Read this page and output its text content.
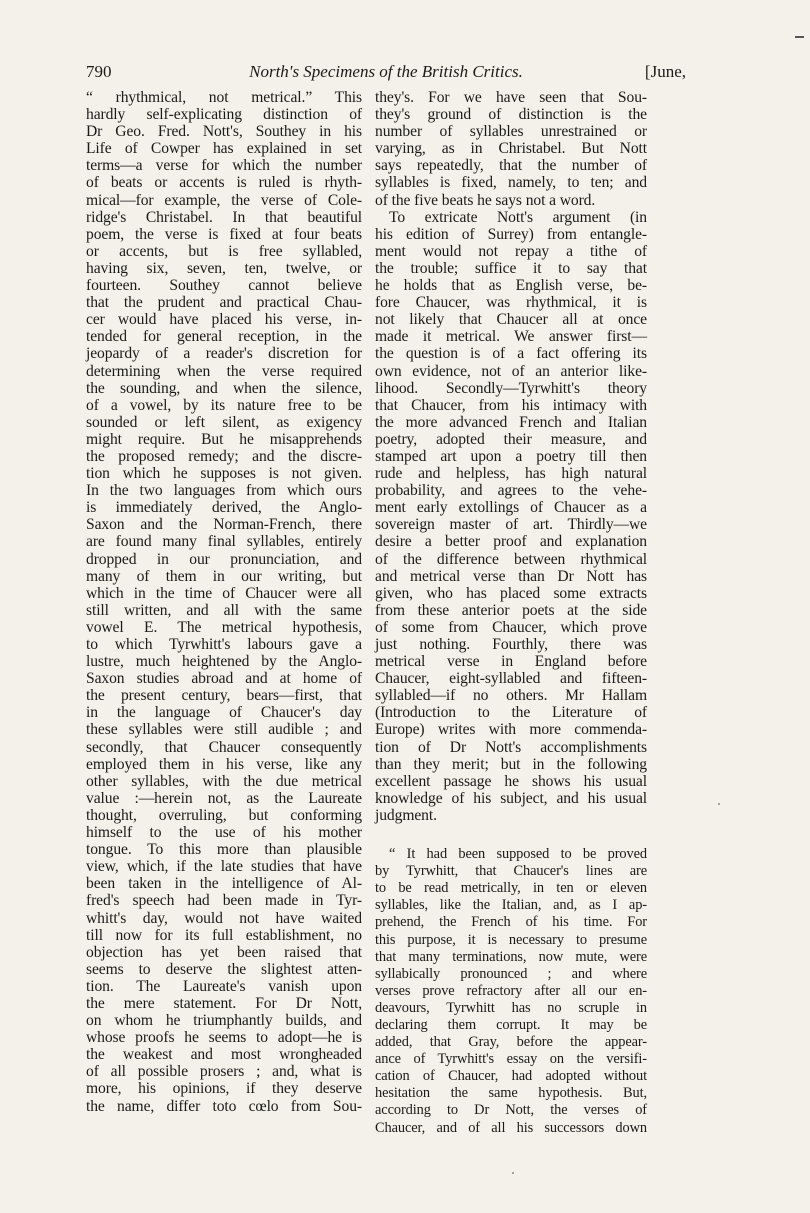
790	North's Specimens of the British Critics.	[June,
“ rhythmical, not metrical.” This
hardly self-explicating distinction of
Dr Geo. Fred. Nott's, Southey in his
Life of Cowper has explained in set
terms—a verse for which the number
of beats or accents is ruled is rhyth-
mical—for example, the verse of Cole-
ridge's Christabel. In that beautiful
poem, the verse is fixed at four beats
or accents, but is free syllabled,
having six, seven, ten, twelve, or
fourteen. Southey cannot believe
that the prudent and practical Chau-
cer would have placed his verse, in-
tended for general reception, in the
jeopardy of a reader's discretion for
determining when the verse required
the sounding, and when the silence,
of a vowel, by its nature free to be
sounded or left silent, as exigency
might require. But he misapprehends
the proposed remedy; and the discre-
tion which he supposes is not given.
In the two languages from which ours
is immediately derived, the Anglo-
Saxon and the Norman-French, there
are found many final syllables, entirely
dropped in our pronunciation, and
many of them in our writing, but
which in the time of Chaucer were all
still written, and all with the same
vowel E. The metrical hypothesis,
to which Tyrwhitt's labours gave a
lustre, much heightened by the Anglo-
Saxon studies abroad and at home of
the present century, bears—first, that
in the language of Chaucer's day
these syllables were still audible ; and
secondly, that Chaucer consequently
employed them in his verse, like any
other syllables, with the due metrical
value :—herein not, as the Laureate
thought, overruling, but conforming
himself to the use of his mother
tongue. To this more than plausible
view, which, if the late studies that have
been taken in the intelligence of Al-
fred's speech had been made in Tyr-
whitt's day, would not have waited
till now for its full establishment, no
objection has yet been raised that
seems to deserve the slightest atten-
tion. The Laureate's vanish upon
the mere statement. For Dr Nott,
on whom he triumphantly builds, and
whose proofs he seems to adopt—he is
the weakest and most wrongheaded
of all possible prosers ; and, what is
more, his opinions, if they deserve
the name, differ toto cœlo from Sou-
they's. For we have seen that Sou-
they's ground of distinction is the
number of syllables unrestrained or
varying, as in Christabel. But Nott
says repeatedly, that the number of
syllables is fixed, namely, to ten; and
of the five beats he says not a word.
To extricate Nott's argument (in
his edition of Surrey) from entangle-
ment would not repay a tithe of
the trouble; suffice it to say that
he holds that as English verse, be-
fore Chaucer, was rhythmical, it is
not likely that Chaucer all at once
made it metrical. We answer first—
the question is of a fact offering its
own evidence, not of an anterior like-
lihood. Secondly—Tyrwhitt's theory
that Chaucer, from his intimacy with
the more advanced French and Italian
poetry, adopted their measure, and
stamped art upon a poetry till then
rude and helpless, has high natural
probability, and agrees to the vehe-
ment early extollings of Chaucer as a
sovereign master of art. Thirdly—we
desire a better proof and explanation
of the difference between rhythmical
and metrical verse than Dr Nott has
given, who has placed some extracts
from these anterior poets at the side
of some from Chaucer, which prove
just nothing. Fourthly, there was
metrical verse in England before
Chaucer, eight-syllabled and fifteen-
syllabled—if no others. Mr Hallam
(Introduction to the Literature of
Europe) writes with more commenda-
tion of Dr Nott's accomplishments
than they merit; but in the following
excellent passage he shows his usual
knowledge of his subject, and his usual
judgment.
“ It had been supposed to be proved
by Tyrwhitt, that Chaucer's lines are
to be read metrically, in ten or eleven
syllables, like the Italian, and, as I ap-
prehend, the French of his time. For
this purpose, it is necessary to presume
that many terminations, now mute, were
syllabically pronounced ; and where
verses prove refractory after all our en-
deavours, Tyrwhitt has no scruple in
declaring them corrupt. It may be
added, that Gray, before the appear-
ance of Tyrwhitt's essay on the versifi-
cation of Chaucer, had adopted without
hesitation the same hypothesis. But,
according to Dr Nott, the verses of
Chaucer, and of all his successors down
